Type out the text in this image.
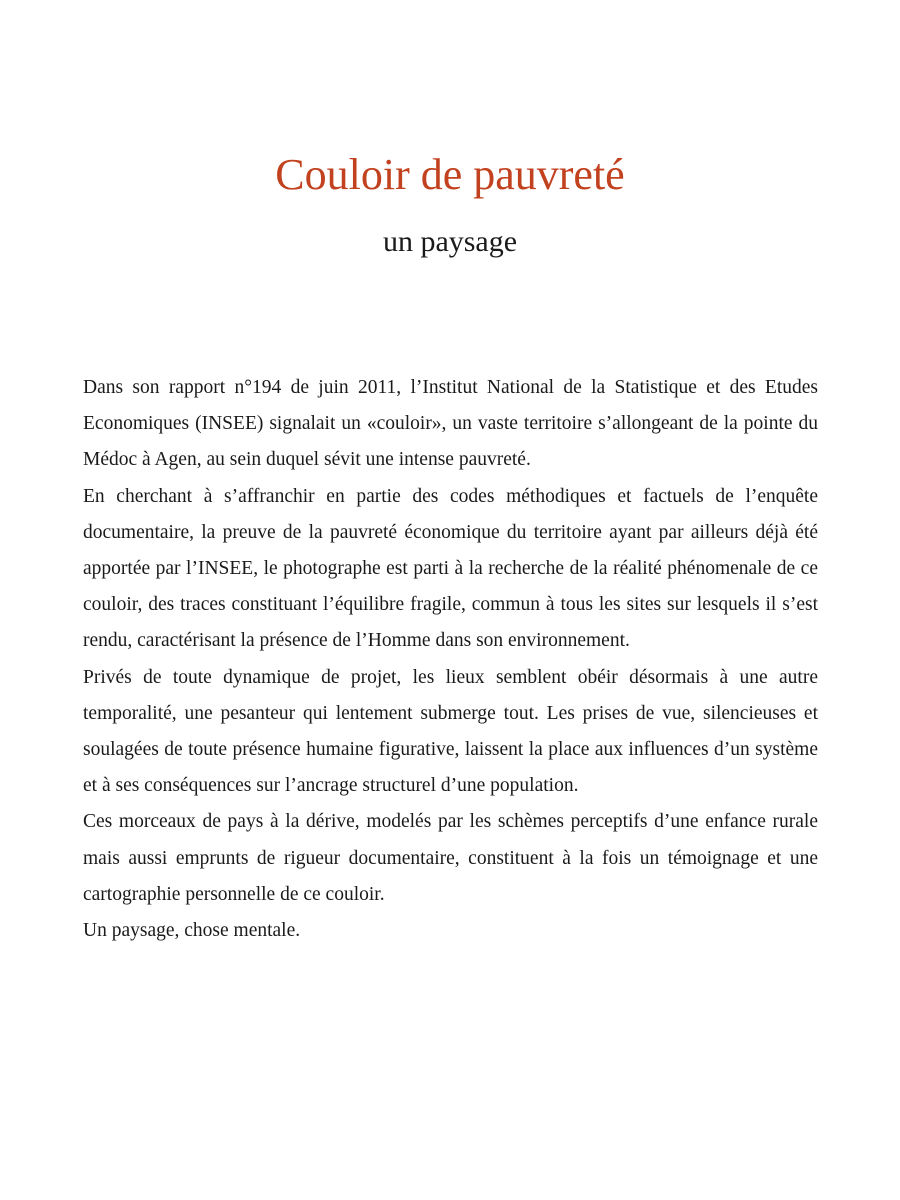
Couloir de pauvreté
un paysage

Dans son rapport n°194 de juin 2011, l’Institut National de la Statistique et des Etudes Economiques (INSEE) signalait un «couloir», un vaste territoire s’allongeant de la pointe du Médoc à Agen, au sein duquel sévit une intense pauvreté.

En cherchant à s’affranchir en partie des codes méthodiques et factuels de l’enquête documentaire, la preuve de la pauvreté économique du territoire ayant par ailleurs déjà été apportée par l’INSEE, le photographe est parti à la recherche de la réalité phénomenale de ce couloir, des traces constituant l’équilibre fragile, commun à tous les sites sur lesquels il s’est rendu, caractérisant la présence de l’Homme dans son environnement.

Privés de toute dynamique de projet, les lieux semblent obéir désormais à une autre temporalité, une pesanteur qui lentement submerge tout. Les prises de vue, silencieuses et soulagées de toute présence humaine figurative, laissent la place aux influences d’un système et à ses conséquences sur l’ancrage structurel d’une population.

Ces morceaux de pays à la dérive, modelés par les schèmes perceptifs d’une enfance rurale mais aussi emprunts de rigueur documentaire, constituent à la fois un témoignage et une cartographie personnelle de ce couloir.

Un paysage, chose mentale.
